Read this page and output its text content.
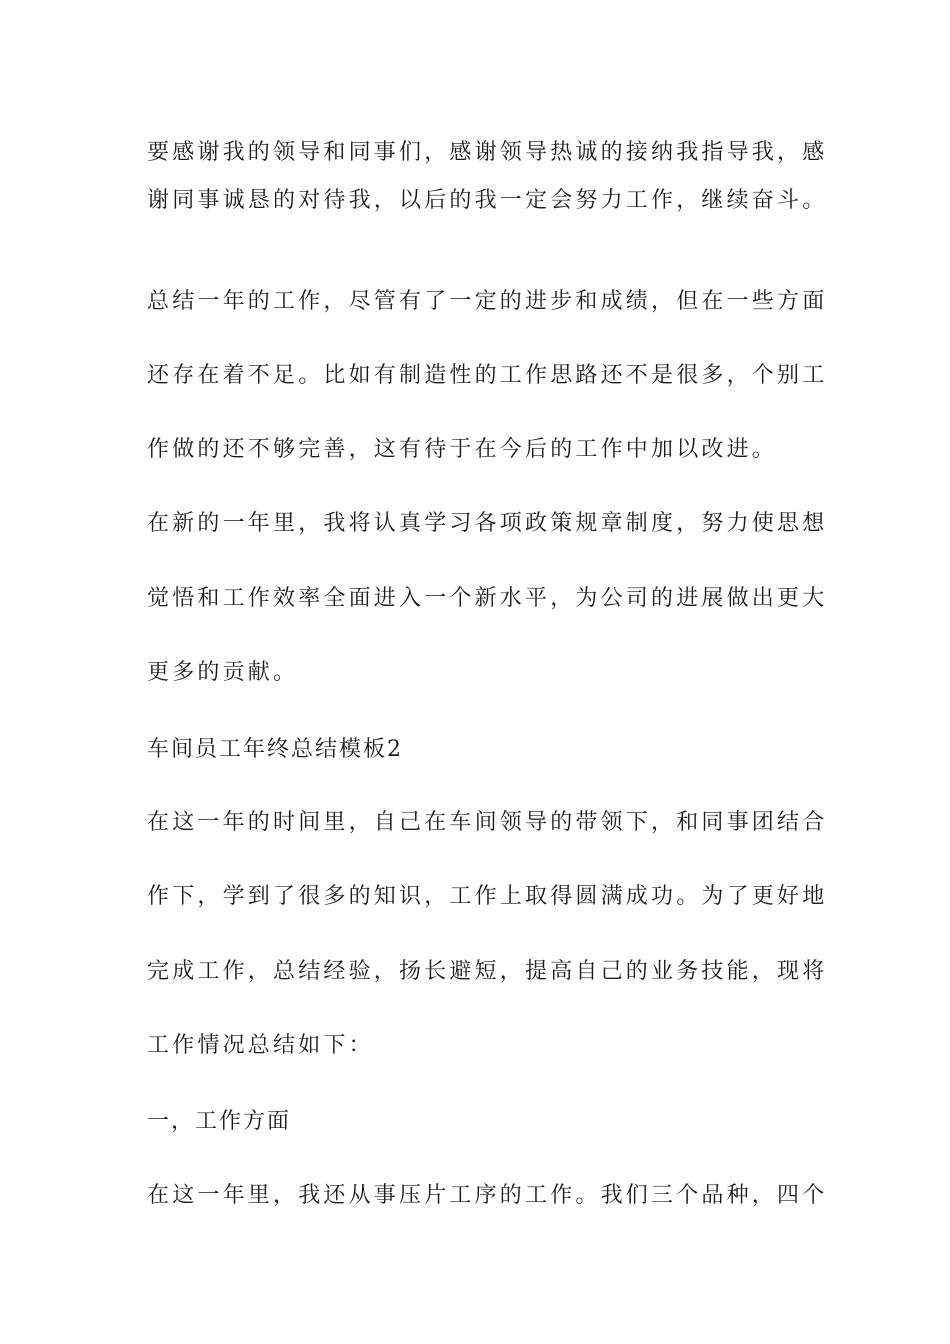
要感谢我的领导和同事们，感谢领导热诚的接纳我指导我，感
谢同事诚恳的对待我，以后的我一定会努力工作，继续奋斗。
总结一年的工作，尽管有了一定的进步和成绩，但在一些方面
还存在着不足。比如有制造性的工作思路还不是很多，个别工
作做的还不够完善，这有待于在今后的工作中加以改进。
在新的一年里，我将认真学习各项政策规章制度，努力使思想
觉悟和工作效率全面进入一个新水平，为公司的进展做出更大
更多的贡献。
车间员工年终总结模板2
在这一年的时间里，自己在车间领导的带领下，和同事团结合
作下，学到了很多的知识，工作上取得圆满成功。为了更好地
完成工作，总结经验，扬长避短，提高自己的业务技能，现将
工作情况总结如下：
一，工作方面
在这一年里，我还从事压片工序的工作。我们三个品种，四个
